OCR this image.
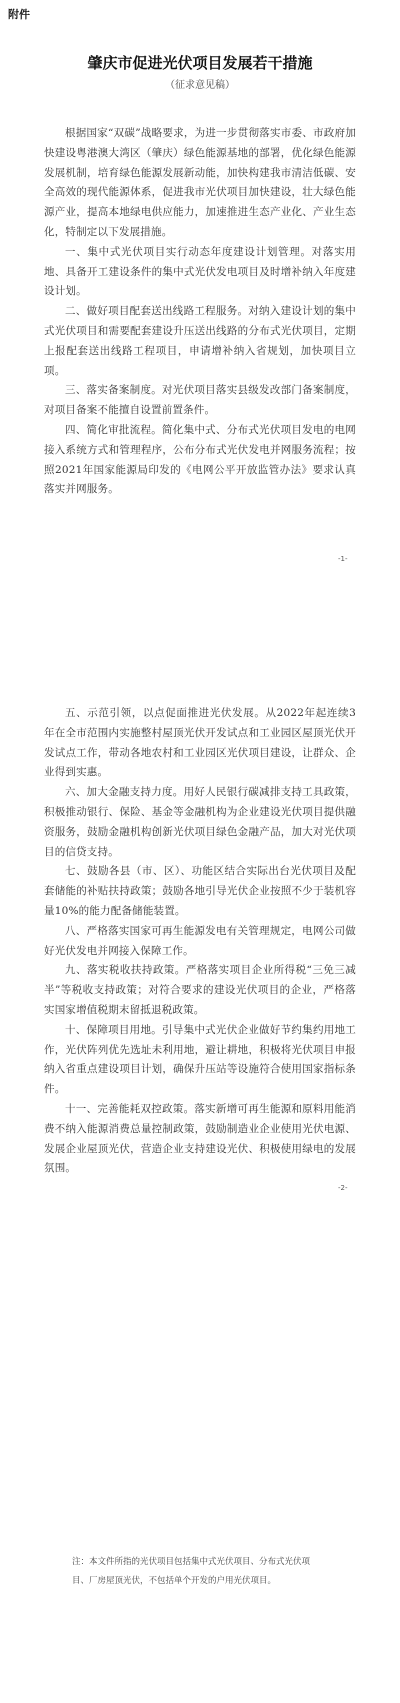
附件
肇庆市促进光伏项目发展若干措施
（征求意见稿）

根据国家“双碳”战略要求，为进一步贯彻落实市委、市政府加快建设粤港澳大湾区（肇庆）绿色能源基地的部署，优化绿色能源发展机制，培育绿色能源发展新动能，加快构建我市清洁低碳、安全高效的现代能源体系，促进我市光伏项目加快建设，壮大绿色能源产业，提高本地绿电供应能力，加速推进生态产业化、产业生态化，特制定以下发展措施。

一、集中式光伏项目实行动态年度建设计划管理。对落实用地、具备开工建设条件的集中式光伏发电项目及时增补纳入年度建设计划。

二、做好项目配套送出线路工程服务。对纳入建设计划的集中式光伏项目和需要配套建设升压送出线路的分布式光伏项目，定期上报配套送出线路工程项目，申请增补纳入省规划，加快项目立项。

三、落实备案制度。对光伏项目落实县级发改部门备案制度，对项目备案不能擅自设置前置条件。

四、简化审批流程。简化集中式、分布式光伏项目发电的电网接入系统方式和管理程序，公布分布式光伏发电并网服务流程；按照2021年国家能源局印发的《电网公平开放监管办法》要求认真落实并网服务。

-1-

五、示范引领，以点促面推进光伏发展。从2022年起连续3年在全市范围内实施整村屋顶光伏开发试点和工业园区屋顶光伏开发试点工作，带动各地农村和工业园区光伏项目建设，让群众、企业得到实惠。

六、加大金融支持力度。用好人民银行碳减排支持工具政策，积极推动银行、保险、基金等金融机构为企业建设光伏项目提供融资服务，鼓励金融机构创新光伏项目绿色金融产品，加大对光伏项目的信贷支持。

七、鼓励各县（市、区）、功能区结合实际出台光伏项目及配套储能的补贴扶持政策；鼓励各地引导光伏企业按照不少于装机容量10%的能力配备储能装置。

八、严格落实国家可再生能源发电有关管理规定，电网公司做好光伏发电并网接入保障工作。

九、落实税收扶持政策。严格落实项目企业所得税“三免三减半”等税收支持政策；对符合要求的建设光伏项目的企业，严格落实国家增值税期末留抵退税政策。

十、保障项目用地。引导集中式光伏企业做好节约集约用地工作，光伏阵列优先选址未利用地，避让耕地，积极将光伏项目申报纳入省重点建设项目计划，确保升压站等设施符合使用国家指标条件。

十一、完善能耗双控政策。落实新增可再生能源和原料用能消费不纳入能源消费总量控制政策，鼓励制造业企业使用光伏电源、发展企业屋顶光伏，营造企业支持建设光伏、积极使用绿电的发展氛围。

-2-
注：本文件所指的光伏项目包括集中式光伏项目、分布式光伏项
目、厂房屋顶光伏，不包括单个开发的户用光伏项目。
